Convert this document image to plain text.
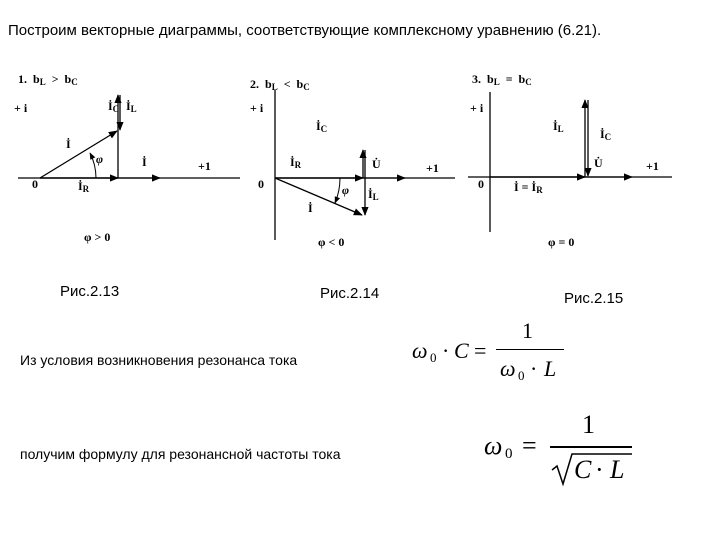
Построим векторные диаграммы, соответствующие комплексному уравнению (6.21).
1. bL > bC
+ i
+1
0
İ
φ
İC İL
İR
İ
φ > 0
2. bL < bC
+ i
+1
0
İC
İR	U̇
İ
İL
φ
φ < 0
3. bL = bC
+ i
+1
0
İL	İC
U̇
İ = İR
φ = 0
Рис.2.13	Рис.2.14	Рис.2.15
Из условия возникновения резонанса тока
получим формулу для резонансной частоты тока
ω 0 · C =
1
ω 0 · L
ω 0 =
1
C · L
